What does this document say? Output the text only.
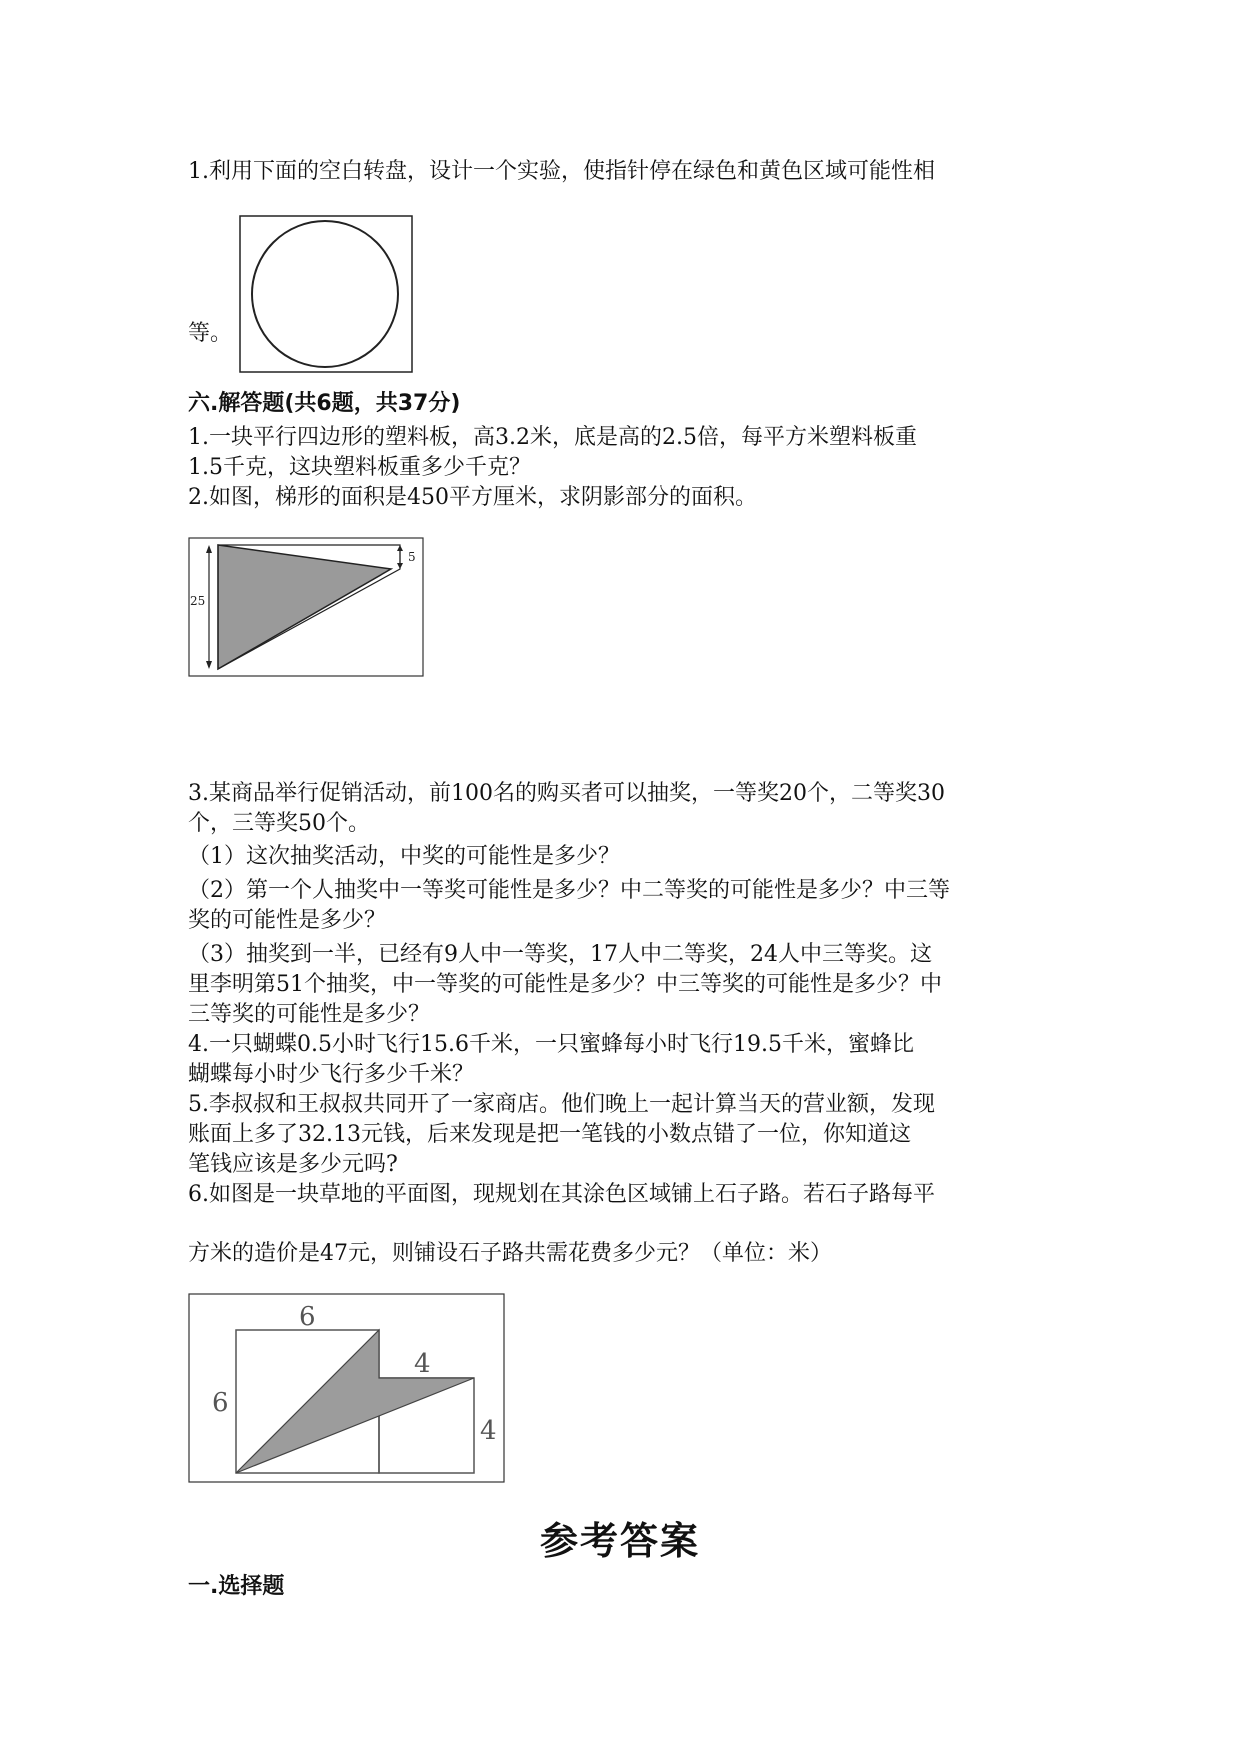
1.利用下面的空白转盘，设计一个实验，使指针停在绿色和黄色区域可能性相
等。
六.解答题(共6题，共37分)
1.一块平行四边形的塑料板，高3.2米，底是高的2.5倍，每平方米塑料板重
1.5千克，这块塑料板重多少千克？
2.如图，梯形的面积是450平方厘米，求阴影部分的面积。
25
5
3.某商品举行促销活动，前100名的购买者可以抽奖，一等奖20个，二等奖30
个，三等奖50个。
（1）这次抽奖活动，中奖的可能性是多少？
（2）第一个人抽奖中一等奖可能性是多少？中二等奖的可能性是多少？中三等
奖的可能性是多少？
（3）抽奖到一半，已经有9人中一等奖，17人中二等奖，24人中三等奖。这
里李明第51个抽奖，中一等奖的可能性是多少？中三等奖的可能性是多少？中
三等奖的可能性是多少？
4.一只蝴蝶0.5小时飞行15.6千米，一只蜜蜂每小时飞行19.5千米，蜜蜂比
蝴蝶每小时少飞行多少千米？
5.李叔叔和王叔叔共同开了一家商店。他们晚上一起计算当天的营业额，发现
账面上多了32.13元钱，后来发现是把一笔钱的小数点错了一位，你知道这
笔钱应该是多少元吗?
6.如图是一块草地的平面图，现规划在其涂色区域铺上石子路。若石子路每平
方米的造价是47元，则铺设石子路共需花费多少元？（单位：米）
6
6
4
4
参考答案
一.选择题
